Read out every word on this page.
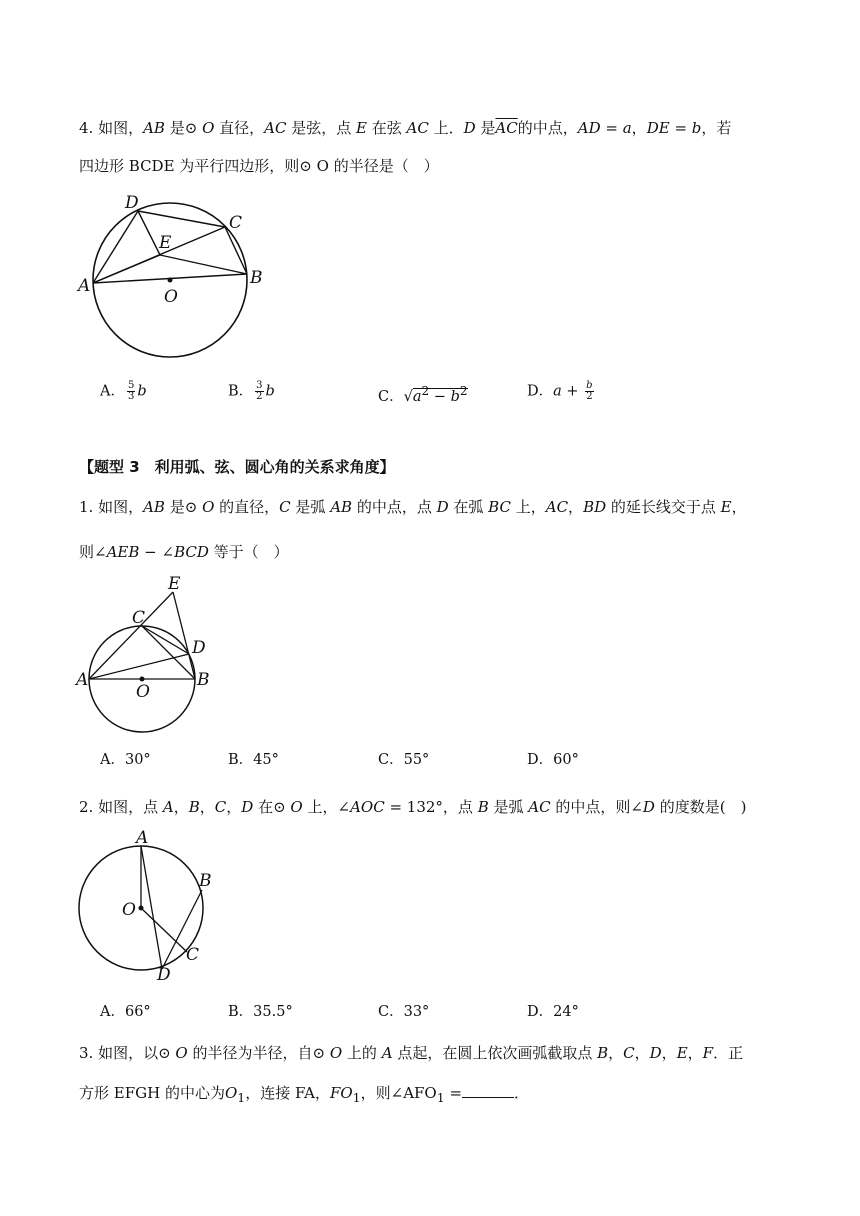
4. 如图，AB 是⊙ O 直径，AC 是弦，点 E 在弦 AC 上．D 是$\overline{AC}$的中点，AD = a，DE = b，若
四边形 BCDE 为平行四边形，则⊙ O 的半径是（　）
D
C
E
A	B
O
A． $\frac{5}{3}$ b	B． $\frac{3}{2}$ b	C．$√a^2 - b^2$	D．$a + \frac{b}{2}$
【题型 3　利用弧、弦、圆心角的关系求角度】
1. 如图，AB 是⊙ O 的直径，C 是弧 AB 的中点，点 D 在弧 BC 上，AC，BD 的延长线交于点 E，
则∠AEB − ∠BCD 等于（　）
E
C
D
A
O
B
A．30°	B．45°	C．55°	D．60°
2. 如图，点 A，B，C，D 在⊙ O 上，∠AOC = 132°，点 B 是弧 AC 的中点，则∠D 的度数是(　)
A
B
O
C
D
A．66°	B．35.5°	C．33°	D．24°
3. 如图，以⊙ O 的半径为半径，自⊙ O 上的 A 点起，在圆上依次画弧截取点 B，C，D，E，F．正
方形 EFGH 的中心为$O_1$，连接 FA，$FO_1$，则$\angle AFO_1$ =	．
